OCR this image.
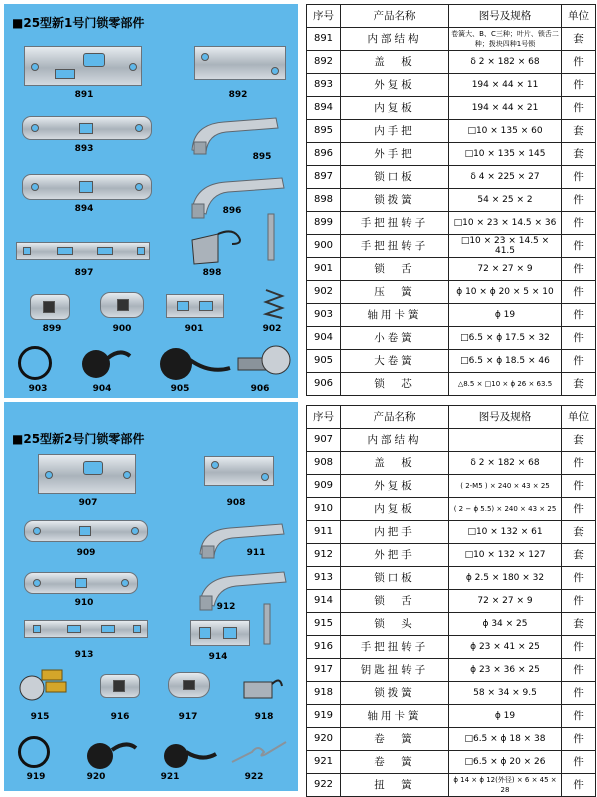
■25型新1号门锁零部件
891	892
893
895
894	896
897	898
899	900	901	902
903	904	905	906
■25型新2号门锁零部件
907	908
909	911
910	912
913	914
915	916	917	918
919	920	921	922
序号	产品名称	图号及规格	单位
891	内部结构	卷簧大、B、C三种；叶片、锁舌二种；拨块四种1号锁	套
892	盖　板	δ 2 × 182 × 68	件
893	外复板	194 × 44 × 11	件
894	内复板	194 × 44 × 21	件
895	内手把	□10 × 135 × 60	套
896	外手把	□10 × 135 × 145	套
897	锁口板	δ 4 × 225 × 27	件
898	锁拨簧	54 × 25 × 2	件
899	手把扭转子	□10 × 23 × 14.5 × 36	件
900	手把扭转子	□10 × 23 × 14.5 × 41.5	件
901	锁　舌	72 × 27 × 9	件
902	压　簧	ϕ 10 × ϕ 20 × 5 × 10	件
903	轴用卡簧	ϕ 19	件
904	小卷簧	□6.5 × ϕ 17.5 × 32	件
905	大卷簧	□6.5 × ϕ 18.5 × 46	件
906	锁　芯	△8.5 × □10 × ϕ 26 × 63.5	套
序号	产品名称	图号及规格	单位
907	内部结构		套
908	盖　板	δ 2 × 182 × 68	件
909	外复板	( 2-M5 ) × 240 × 43 × 25	件
910	内复板	( 2 − ϕ 5.5) × 240 × 43 × 25	件
911	内把手	□10 × 132 × 61	套
912	外把手	□10 × 132 × 127	套
913	锁口板	ϕ 2.5 × 180 × 32	件
914	锁　舌	72 × 27 × 9	件
915	锁　头	ϕ 34 × 25	套
916	手把扭转子	ϕ 23 × 41 × 25	件
917	钥匙扭转子	ϕ 23 × 36 × 25	件
918	锁拨簧	58 × 34 × 9.5	件
919	轴用卡簧	ϕ 19	件
920	卷　簧	□6.5 × ϕ 18 × 38	件
921	卷　簧	□6.5 × ϕ 20 × 26	件
922	扭　簧	ϕ 14 × ϕ 12(外径) × 6 × 45 × 28	件
